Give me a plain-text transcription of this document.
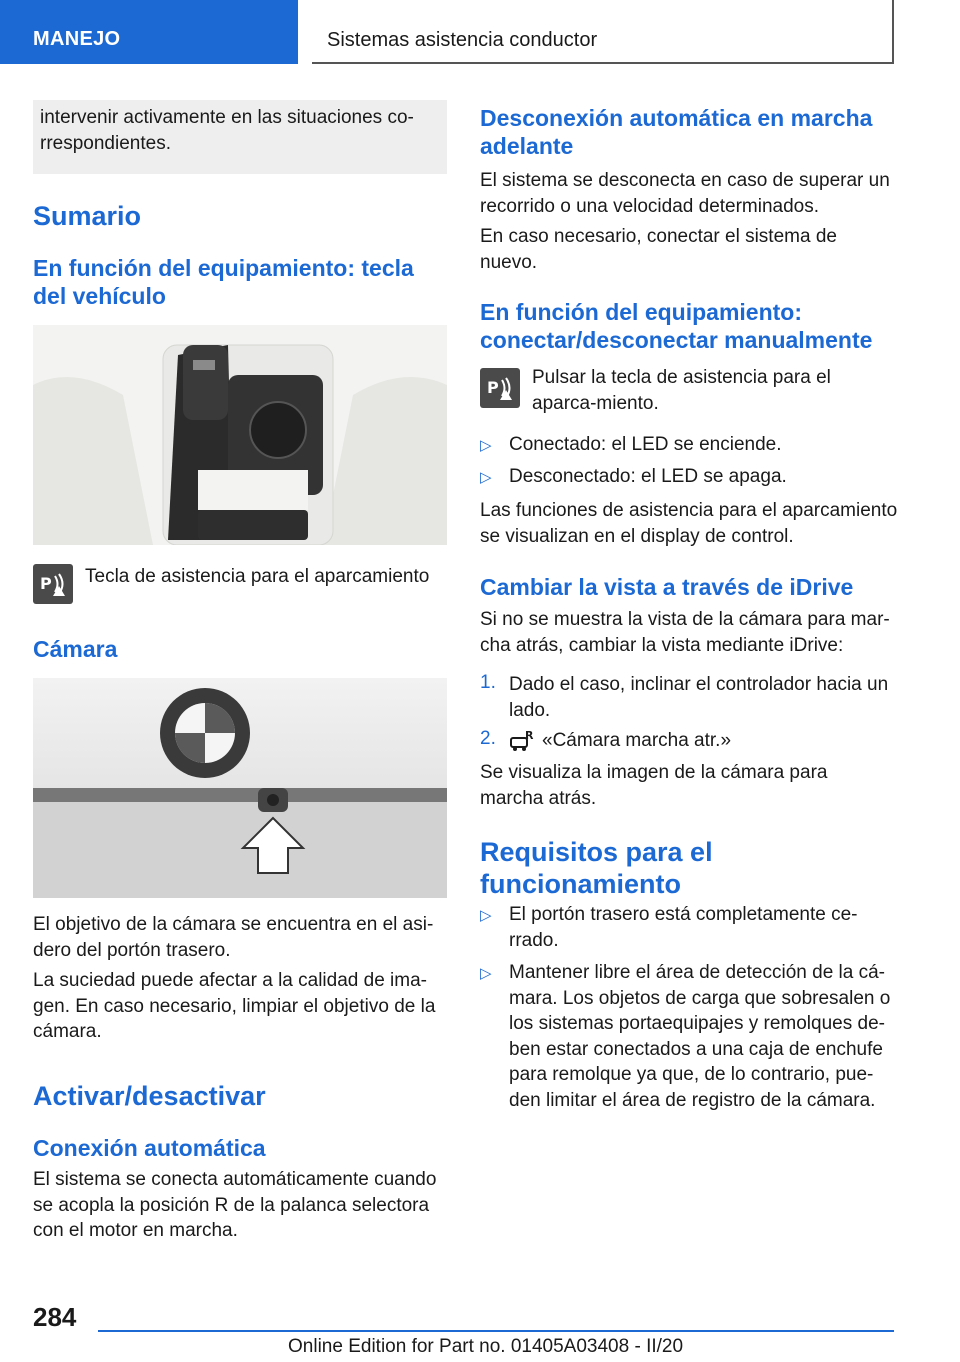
MANEJO	Sistemas asistencia conductor
intervenir activamente en las situaciones co‐rrespondientes.
Sumario
En función del equipamiento: tecla del vehículo
P Tecla de asistencia para el aparcamiento

Cámara

El objetivo de la cámara se encuentra en el asi‐dero del portón trasero.

La suciedad puede afectar a la calidad de ima‐gen. En caso necesario, limpiar el objetivo de la cámara.

Activar/desactivar
Conexión automática

El sistema se conecta automáticamente cuando se acopla la posición R de la palanca selectora con el motor en marcha.

Desconexión automática en marcha adelante

El sistema se desconecta en caso de superar un recorrido o una velocidad determinados.

En caso necesario, conectar el sistema de nuevo.

En función del equipamiento: conectar/desconectar manualmente
P Pulsar la tecla de asistencia para el aparca‐miento.

▷ Conectado: el LED se enciende.
▷ Desconectado: el LED se apaga.

Las funciones de asistencia para el aparcamiento se visualizan en el display de control.

Cambiar la vista a través de iDrive

Si no se muestra la vista de la cámara para mar‐cha atrás, cambiar la vista mediante iDrive:

1. Dado el caso, inclinar el controlador hacia un lado.
2.	R «Cámara marcha atr.»

Se visualiza la imagen de la cámara para marcha atrás.

Requisitos para el funcionamiento
▷ El portón trasero está completamente ce‐rrado.
▷ Mantener libre el área de detección de la cá‐mara. Los objetos de carga que sobresalen o los sistemas portaequipajes y remolques de‐ben estar conectados a una caja de enchufe para remolque ya que, de lo contrario, pue‐den limitar el área de registro de la cámara.
284
Online Edition for Part no. 01405A03408 - II/20
